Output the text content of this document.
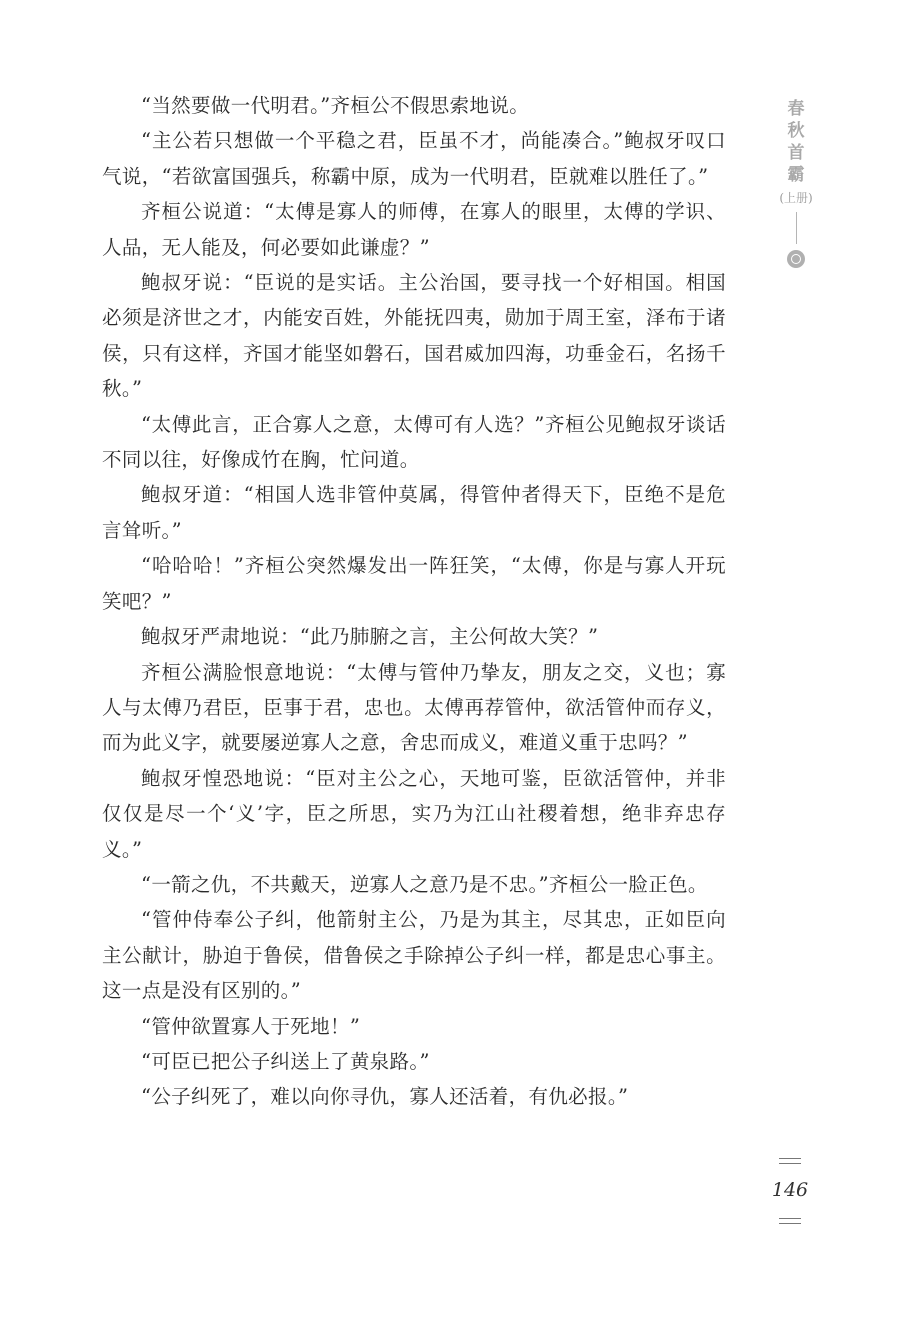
“当然要做一代明君。”齐桓公不假思索地说。

“主公若只想做一个平稳之君，臣虽不才，尚能凑合。”鲍叔牙叹口气说，“若欲富国强兵，称霸中原，成为一代明君，臣就难以胜任了。”

齐桓公说道：“太傅是寡人的师傅，在寡人的眼里，太傅的学识、人品，无人能及，何必要如此谦虚？”

鲍叔牙说：“臣说的是实话。主公治国，要寻找一个好相国。相国必须是济世之才，内能安百姓，外能抚四夷，勋加于周王室，泽布于诸侯，只有这样，齐国才能坚如磐石，国君威加四海，功垂金石，名扬千秋。”

“太傅此言，正合寡人之意，太傅可有人选？”齐桓公见鲍叔牙谈话不同以往，好像成竹在胸，忙问道。

鲍叔牙道：“相国人选非管仲莫属，得管仲者得天下，臣绝不是危言耸听。”

“哈哈哈！”齐桓公突然爆发出一阵狂笑，“太傅，你是与寡人开玩笑吧？”

鲍叔牙严肃地说：“此乃肺腑之言，主公何故大笑？”

齐桓公满脸恨意地说：“太傅与管仲乃挚友，朋友之交，义也；寡人与太傅乃君臣，臣事于君，忠也。太傅再荐管仲，欲活管仲而存义，而为此义字，就要屡逆寡人之意，舍忠而成义，难道义重于忠吗？”

鲍叔牙惶恐地说：“臣对主公之心，天地可鉴，臣欲活管仲，并非仅仅是尽一个‘义’字，臣之所思，实乃为江山社稷着想，绝非弃忠存义。”

“一箭之仇，不共戴天，逆寡人之意乃是不忠。”齐桓公一脸正色。

“管仲侍奉公子纠，他箭射主公，乃是为其主，尽其忠，正如臣向主公献计，胁迫于鲁侯，借鲁侯之手除掉公子纠一样，都是忠心事主。这一点是没有区别的。”

“管仲欲置寡人于死地！”

“可臣已把公子纠送上了黄泉路。”

“公子纠死了，难以向你寻仇，寡人还活着，有仇必报。”

春
秋
首
霸
(上册)
146
